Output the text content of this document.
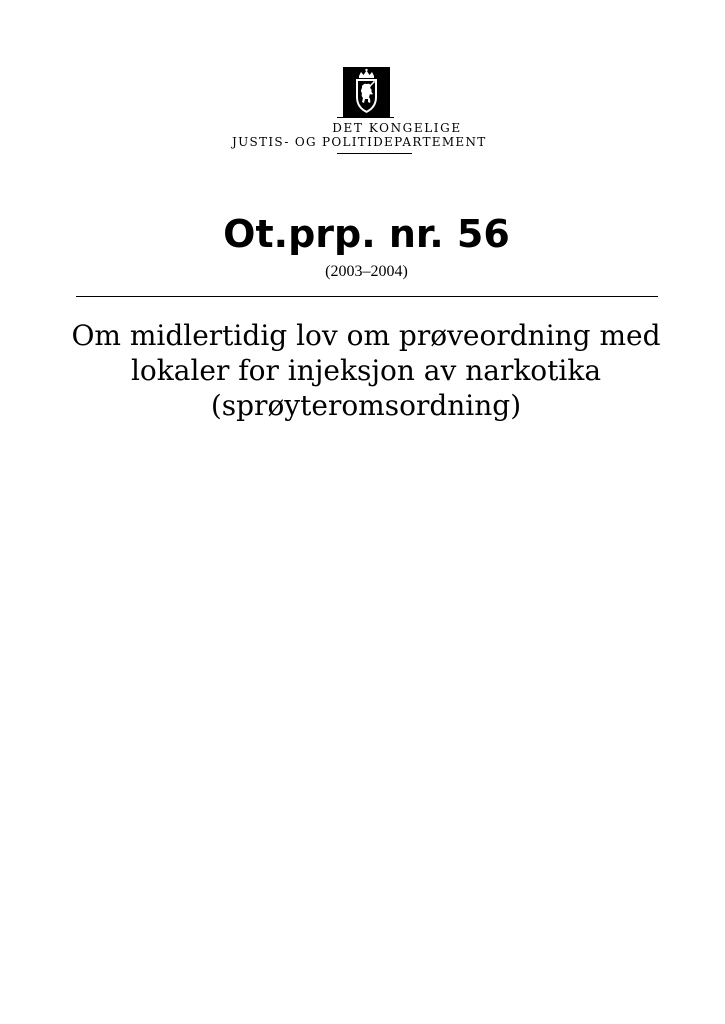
DET KONGELIGE
JUSTIS- OG POLITIDEPARTEMENT
Ot.prp. nr. 56
(2003–2004)
Om midlertidig lov om prøveordning med
lokaler for injeksjon av narkotika
(sprøyteromsordning)
